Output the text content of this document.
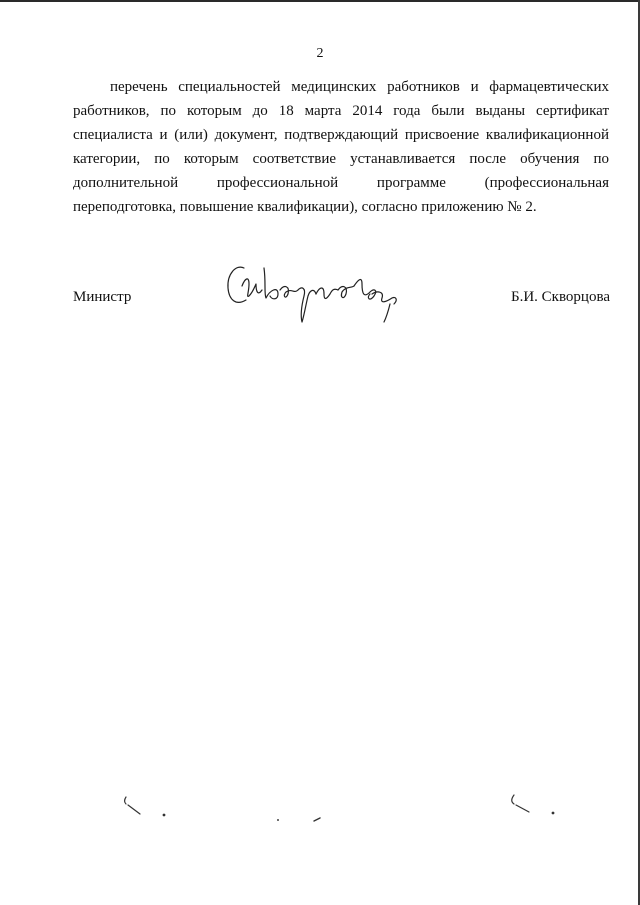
2

перечень специальностей медицинских работников и фармацевтических
работников, по которым до 18 марта 2014 года были выданы сертификат
специалиста и (или) документ, подтверждающий присвоение квалификационной
категории, по которым соответствие устанавливается после обучения по
дополнительной профессиональной программе (профессиональная
переподготовка, повышение квалификации), согласно приложению № 2.

Министр	Б.И. Скворцова
